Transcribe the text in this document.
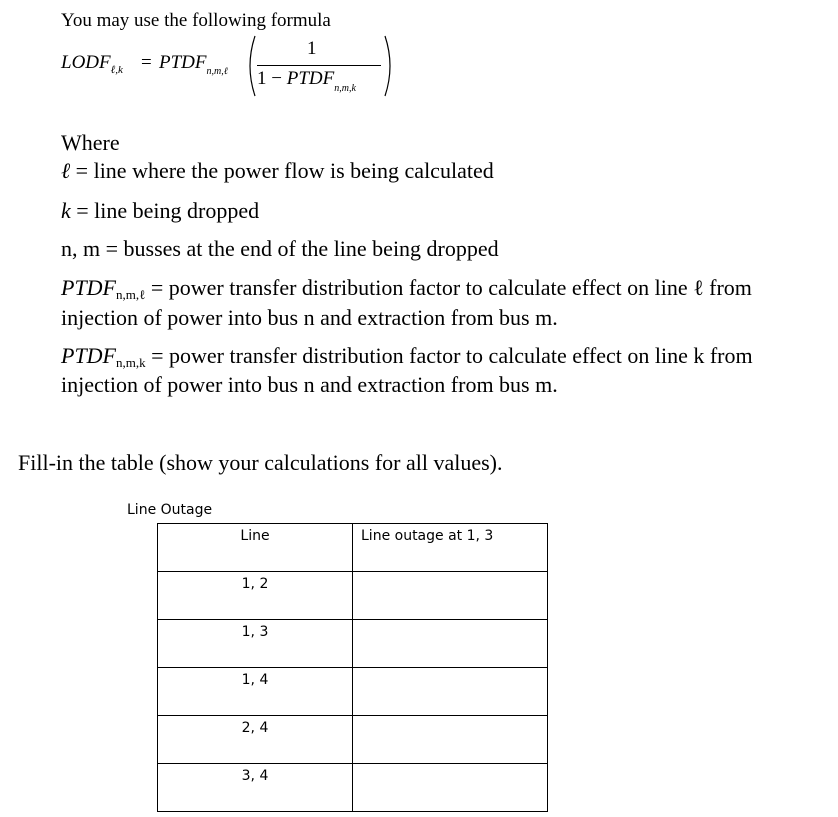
You may use the following formula
$LODF_{\ell,k}$ = $PTDF_{n,m,\ell}$
1
$1 - PTDF_{n,m,k}$
Where
ℓ = line where the power flow is being calculated
k = line being dropped
n, m = busses at the end of the line being dropped
$PTDF_{n,m,\ell}$ = power transfer distribution factor to calculate effect on line ℓ from
injection of power into bus n and extraction from bus m.
$PTDF_{n,m,k}$ = power transfer distribution factor to calculate effect on line k from
injection of power into bus n and extraction from bus m.
Fill-in the table (show your calculations for all values).
Line Outage
Line	Line outage at 1, 3
1, 2	
1, 3	
1, 4	
2, 4	
3, 4	
